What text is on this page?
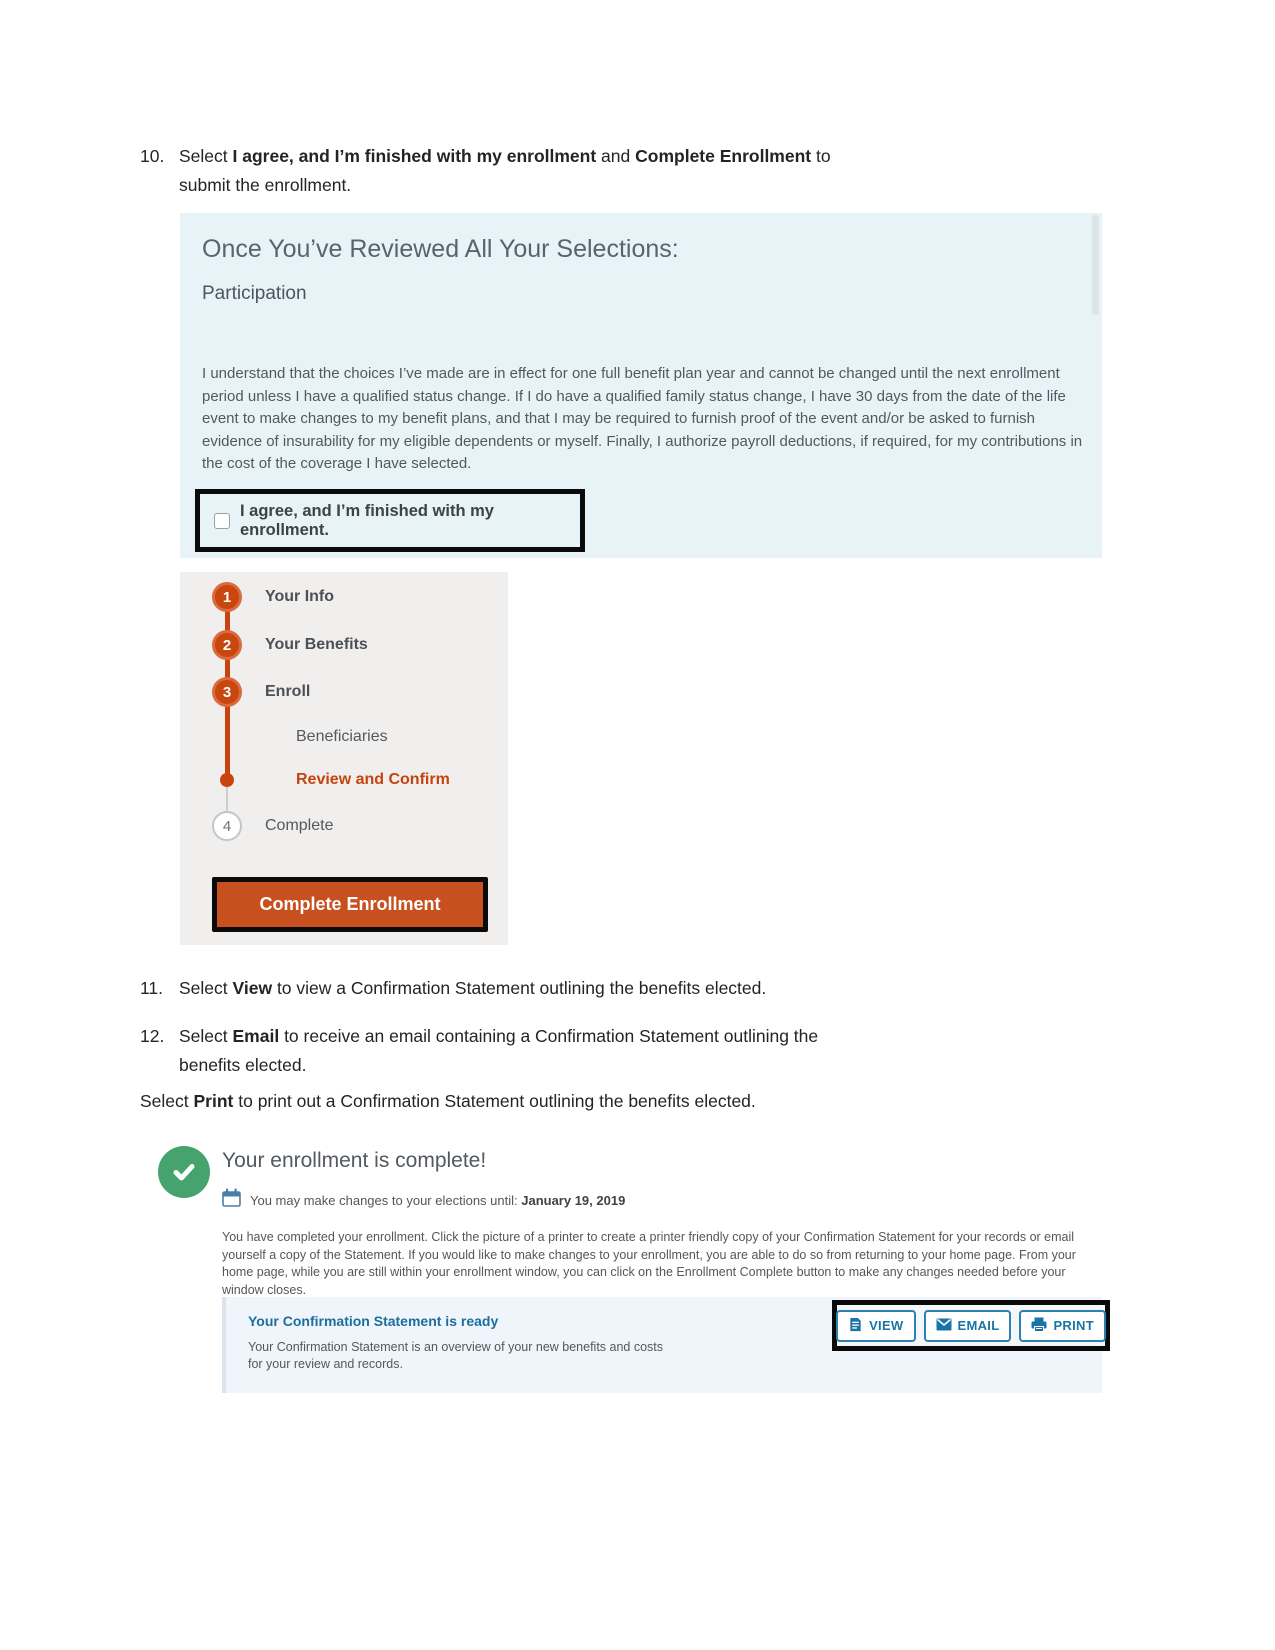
10. Select I agree, and I’m finished with my enrollment and Complete Enrollment to
submit the enrollment.
Once You’ve Reviewed All Your Selections:
Participation
I understand that the choices I’ve made are in effect for one full benefit plan year and cannot be changed until the next enrollment period unless I have a qualified status change. If I do have a qualified family status change, I have 30 days from the date of the life event to make changes to my benefit plans, and that I may be required to furnish proof of the event and/or be asked to furnish evidence of insurability for my eligible dependents or myself. Finally, I authorize payroll deductions, if required, for my contributions in the cost of the coverage I have selected.
I agree, and I’m finished with my enrollment.
1	Your Info
2	Your Benefits
3	Enroll
Beneficiaries
Review and Confirm
4	Complete
Complete Enrollment
11. Select View to view a Confirmation Statement outlining the benefits elected.
12. Select Email to receive an email containing a Confirmation Statement outlining the
benefits elected.
Select Print to print out a Confirmation Statement outlining the benefits elected.
Your enrollment is complete!
You may make changes to your elections until: January 19, 2019
You have completed your enrollment. Click the picture of a printer to create a printer friendly copy of your Confirmation Statement for your records or email yourself a copy of the Statement. If you would like to make changes to your enrollment, you are able to do so from returning to your home page. From your home page, while you are still within your enrollment window, you can click on the Enrollment Complete button to make any changes needed before your window closes.
Your Confirmation Statement is ready
Your Confirmation Statement is an overview of your new benefits and costs for your review and records.
VIEW	EMAIL	PRINT
